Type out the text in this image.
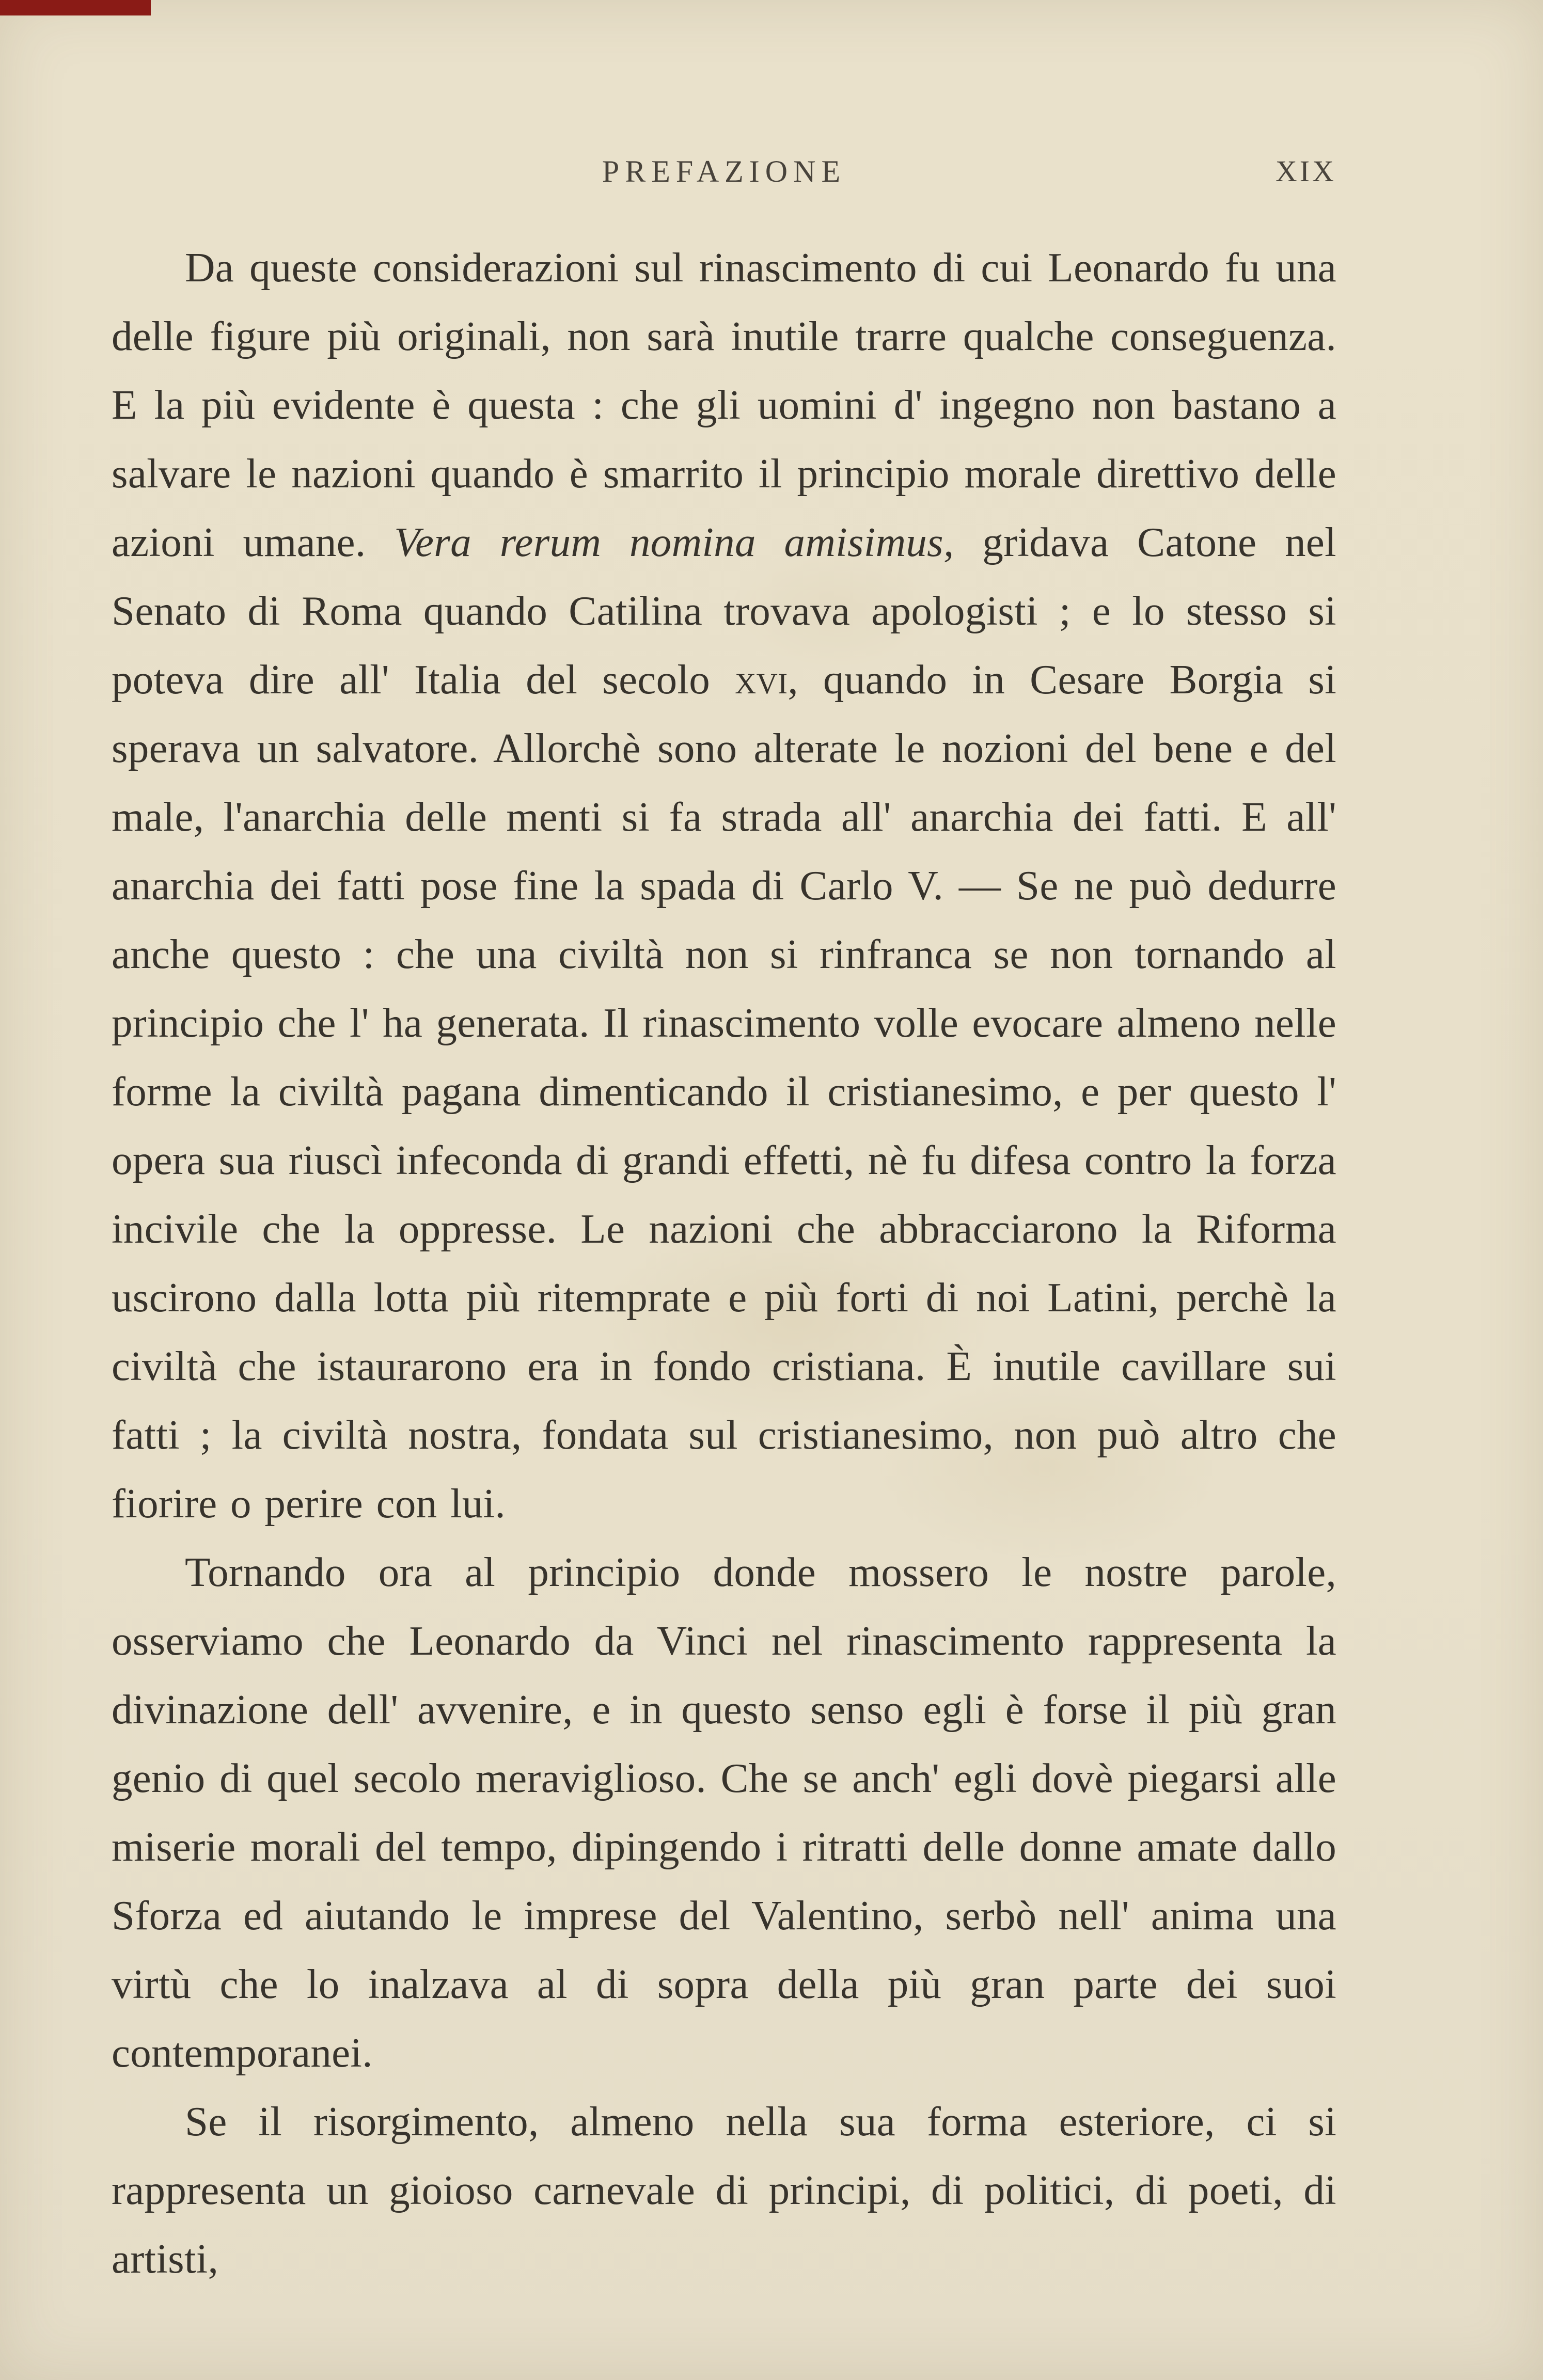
PREFAZIONE	XIX

Da queste considerazioni sul rinascimento di cui Leonardo fu una delle figure più originali, non sarà inutile trarre qualche conseguenza. E la più evidente è questa : che gli uomini d' ingegno non bastano a salvare le nazioni quando è smarrito il principio morale direttivo delle azioni umane. Vera rerum nomina amisimus, gridava Catone nel Senato di Roma quando Catilina trovava apologisti ; e lo stesso si poteva dire all' Italia del secolo xvi, quando in Cesare Borgia si sperava un salvatore. Allorchè sono alterate le nozioni del bene e del male, l'anarchia delle menti si fa strada all' anarchia dei fatti. E all' anarchia dei fatti pose fine la spada di Carlo V. — Se ne può dedurre anche questo : che una civiltà non si rinfranca se non tornando al principio che l' ha generata. Il rinascimento volle evocare almeno nelle forme la civiltà pagana dimenticando il cristianesimo, e per questo l' opera sua riuscì infeconda di grandi effetti, nè fu difesa contro la forza incivile che la oppresse. Le nazioni che abbracciarono la Riforma uscirono dalla lotta più ritemprate e più forti di noi Latini, perchè la civiltà che istaurarono era in fondo cristiana. È inutile cavillare sui fatti ; la civiltà nostra, fondata sul cristianesimo, non può altro che fiorire o perire con lui.

Tornando ora al principio donde mossero le nostre parole, osserviamo che Leonardo da Vinci nel rinascimento rappresenta la divinazione dell' avvenire, e in questo senso egli è forse il più gran genio di quel secolo meraviglioso. Che se anch' egli dovè piegarsi alle miserie morali del tempo, dipingendo i ritratti delle donne amate dallo Sforza ed aiutando le imprese del Valentino, serbò nell' anima una virtù che lo inalzava al di sopra della più gran parte dei suoi contemporanei.

Se il risorgimento, almeno nella sua forma esteriore, ci si rappresenta un gioioso carnevale di principi, di politici, di poeti, di artisti,
